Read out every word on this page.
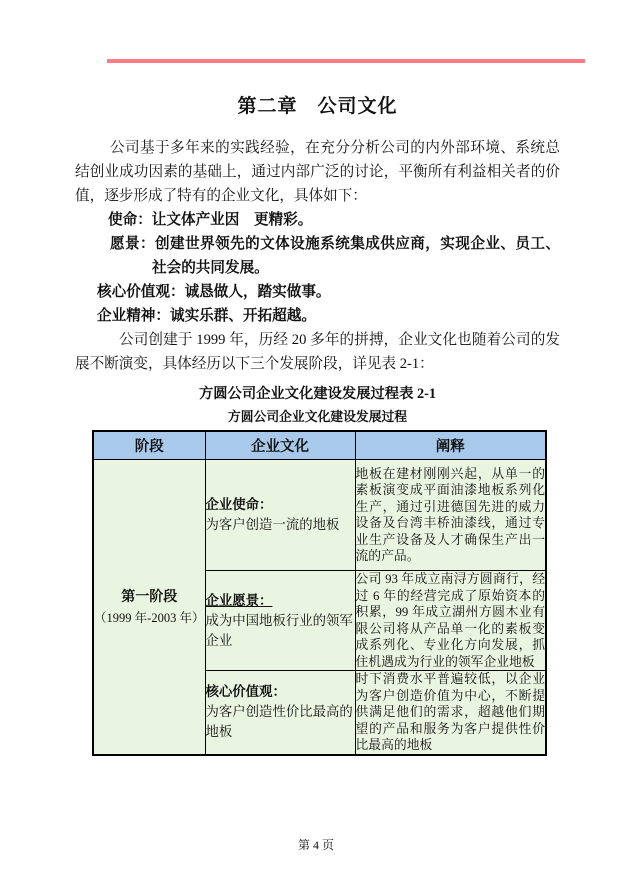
第二章　公司文化

公司基于多年来的实践经验，在充分分析公司的内外部环境、系统总结创业成功因素的基础上，通过内部广泛的讨论，平衡所有利益相关者的价值，逐步形成了特有的企业文化，具体如下：

使命：让文体产业因　更精彩。

愿景：创建世界领先的文体设施系统集成供应商，实现企业、员工、社会的共同发展。

核心价值观：诚恳做人，踏实做事。

企业精神：诚实乐群、开拓超越。

公司创建于 1999 年，历经 20 多年的拼搏，企业文化也随着公司的发展不断演变，具体经历以下三个发展阶段，详见表 2-1：

方圆公司企业文化建设发展过程表 2-1

方圆公司企业文化建设发展过程

阶段	企业文化	阐释

第一阶段
（1999 年-2003 年）
	企业使命：
为客户创造一流的地板	地板在建材刚刚兴起，从单一的素板演变成平面油漆地板系列化生产，通过引进德国先进的威力设备及台湾丰桥油漆线，通过专业生产设备及人才确保生产出一流的产品。
	企业愿景：
成为中国地板行业的领军企业	公司 93 年成立南浔方圆商行，经过 6 年的经营完成了原始资本的积累，99 年成立湖州方圆木业有限公司将从产品单一化的素板变成系列化、专业化方向发展，抓住机遇成为行业的领军企业地板
	核心价值观：
为客户创造性价比最高的地板	时下消费水平普遍较低，以企业为客户创造价值为中心，不断提供满足他们的需求，超越他们期望的产品和服务为客户提供性价比最高的地板
第 4 页
